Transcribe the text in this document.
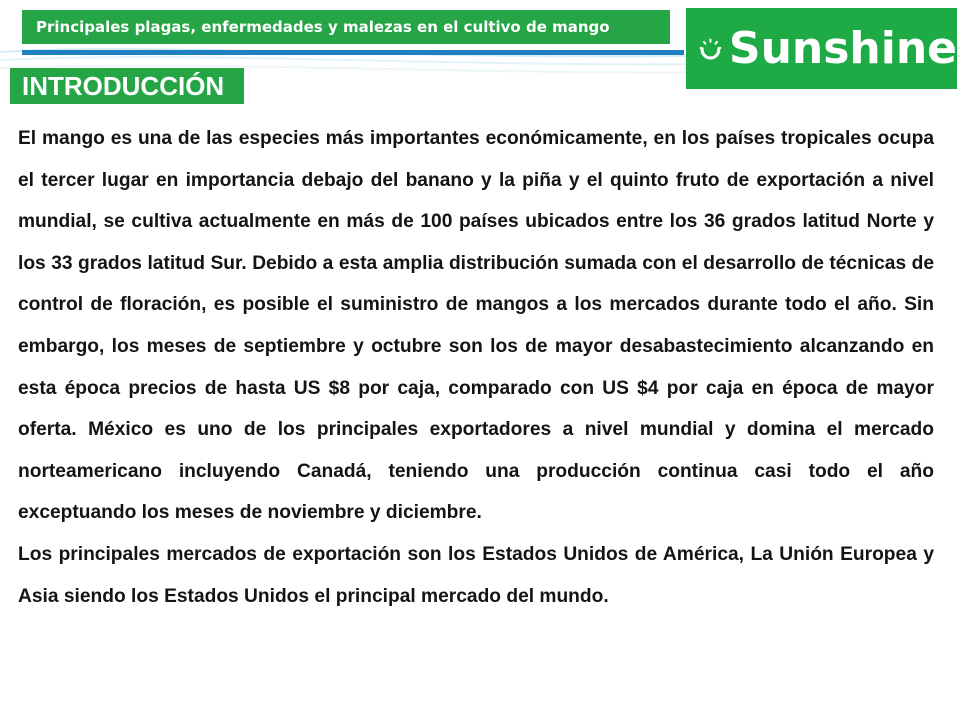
Principales plagas, enfermedades y malezas en el cultivo de mango	Sunshine
INTRODUCCIÓN

El mango es una de las especies más importantes económicamente, en los países tropicales ocupa el tercer lugar en importancia debajo del banano y la piña y el quinto fruto de exportación a nivel mundial, se cultiva actualmente en más de 100 países ubicados entre los 36 grados latitud Norte y los 33 grados latitud Sur. Debido a esta amplia distribución sumada con el desarrollo de técnicas de control de floración, es posible el suministro de mangos a los mercados durante todo el año. Sin embargo, los meses de septiembre y octubre son los de mayor desabastecimiento alcanzando en esta época precios de hasta US $8 por caja, comparado con US $4 por caja en época de mayor oferta. México es uno de los principales exportadores a nivel mundial y domina el mercado norteamericano incluyendo Canadá, teniendo una producción continua casi todo el año exceptuando los meses de noviembre y diciembre.

Los principales mercados de exportación son los Estados Unidos de América, La Unión Europea y Asia siendo los Estados Unidos el principal mercado del mundo.
